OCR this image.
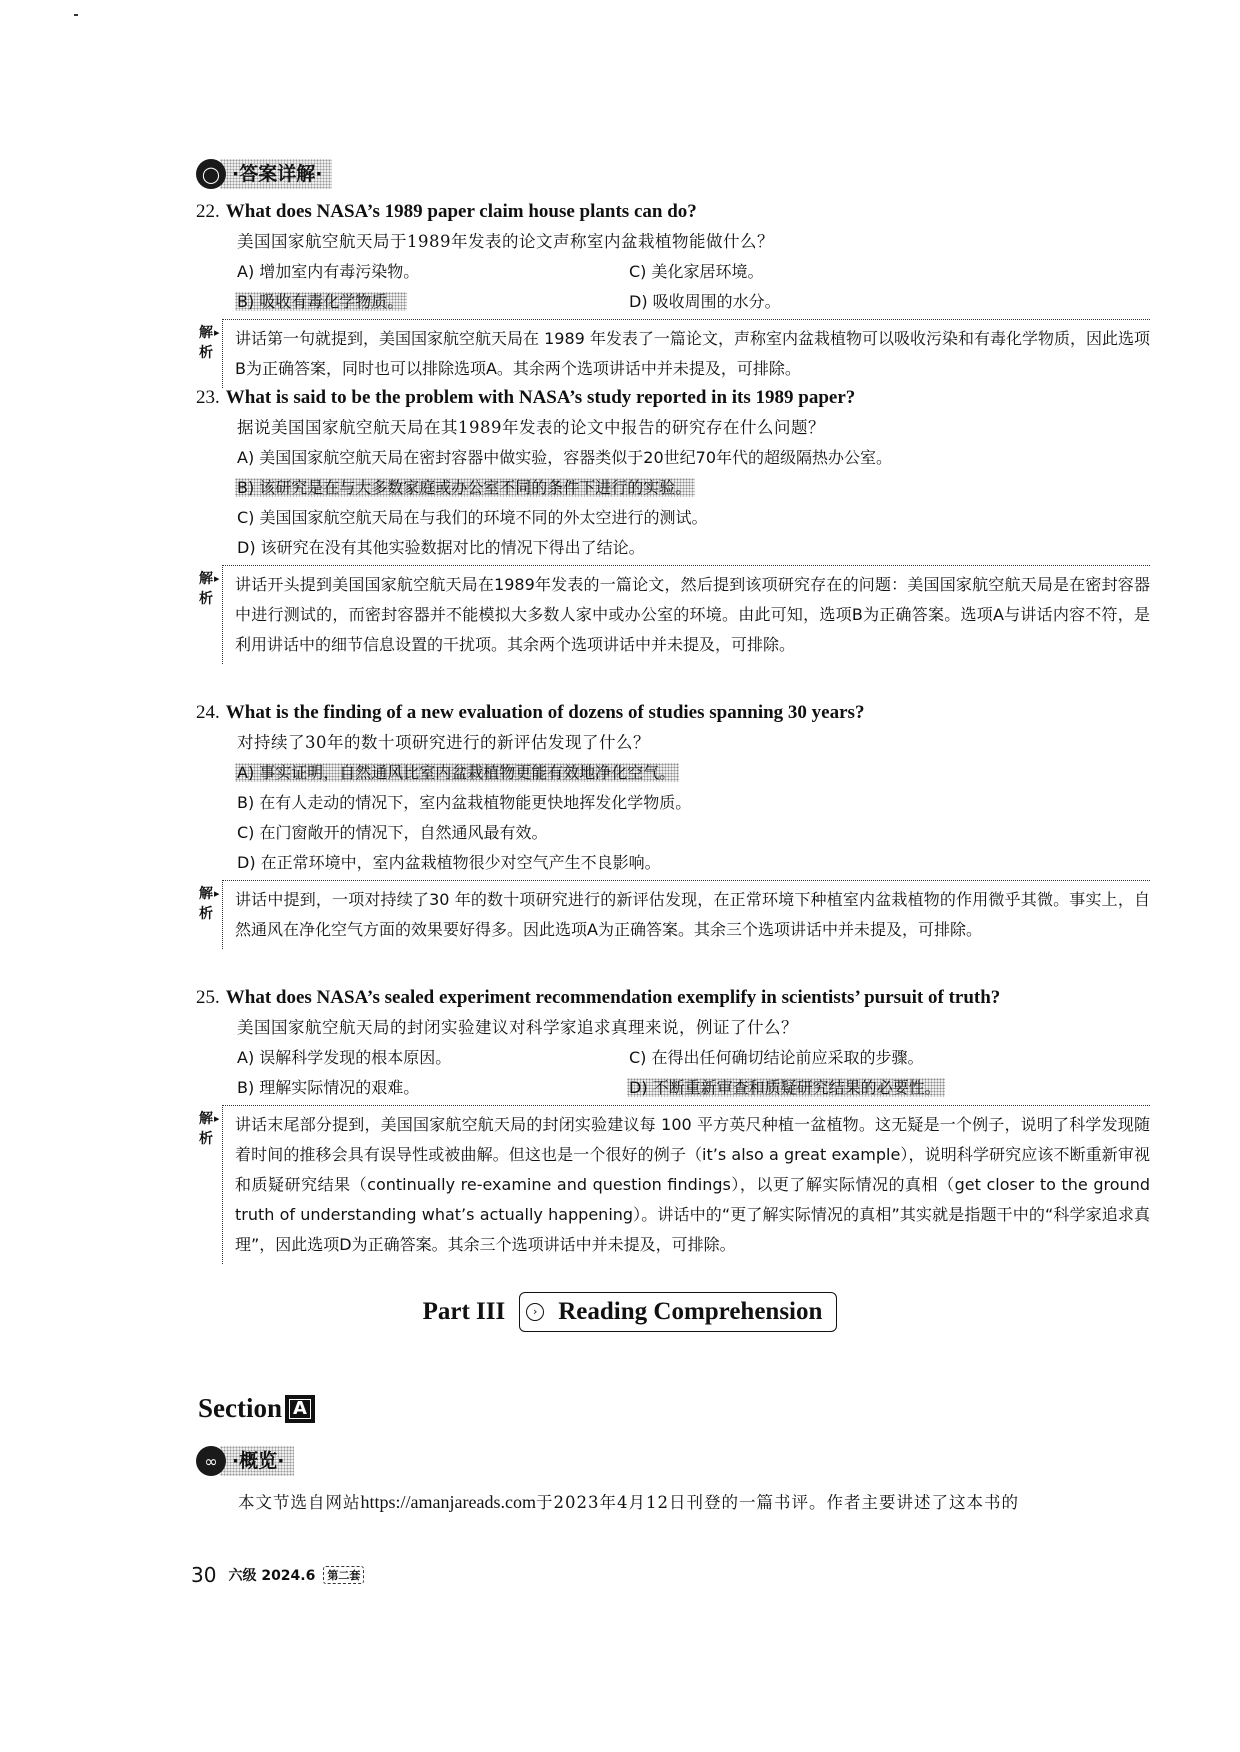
◯ ·答案详解·
22. What does NASA’s 1989 paper claim house plants can do?
美国国家航空航天局于1989年发表的论文声称室内盆栽植物能做什么？
A) 增加室内有毒污染物。	C) 美化家居环境。
B) 吸收有毒化学物质。	D) 吸收周围的水分。
解
析
▸ 讲话第一句就提到，美国国家航空航天局在 1989 年发表了一篇论文，声称室内盆栽植物可以吸收污染和有毒化学物质，因此选项B为正确答案，同时也可以排除选项A。其余两个选项讲话中并未提及，可排除。
23. What is said to be the problem with NASA’s study reported in its 1989 paper?
据说美国国家航空航天局在其1989年发表的论文中报告的研究存在什么问题？
A) 美国国家航空航天局在密封容器中做实验，容器类似于20世纪70年代的超级隔热办公室。
B) 该研究是在与大多数家庭或办公室不同的条件下进行的实验。
C) 美国国家航空航天局在与我们的环境不同的外太空进行的测试。
D) 该研究在没有其他实验数据对比的情况下得出了结论。
解
析
▸ 讲话开头提到美国国家航空航天局在1989年发表的一篇论文，然后提到该项研究存在的问题：美国国家航空航天局是在密封容器中进行测试的，而密封容器并不能模拟大多数人家中或办公室的环境。由此可知，选项B为正确答案。选项A与讲话内容不符，是利用讲话中的细节信息设置的干扰项。其余两个选项讲话中并未提及，可排除。
24. What is the finding of a new evaluation of dozens of studies spanning 30 years?
对持续了30年的数十项研究进行的新评估发现了什么？
A) 事实证明，自然通风比室内盆栽植物更能有效地净化空气。
B) 在有人走动的情况下，室内盆栽植物能更快地挥发化学物质。
C) 在门窗敞开的情况下，自然通风最有效。
D) 在正常环境中，室内盆栽植物很少对空气产生不良影响。
解
析
▸ 讲话中提到，一项对持续了30 年的数十项研究进行的新评估发现，在正常环境下种植室内盆栽植物的作用微乎其微。事实上，自然通风在净化空气方面的效果要好得多。因此选项A为正确答案。其余三个选项讲话中并未提及，可排除。
25. What does NASA’s sealed experiment recommendation exemplify in scientists’ pursuit of truth?
美国国家航空航天局的封闭实验建议对科学家追求真理来说，例证了什么？
A) 误解科学发现的根本原因。	C) 在得出任何确切结论前应采取的步骤。
B) 理解实际情况的艰难。	D) 不断重新审查和质疑研究结果的必要性。
解
析
▸ 讲话末尾部分提到，美国国家航空航天局的封闭实验建议每 100 平方英尺种植一盆植物。这无疑是一个例子，说明了科学发现随着时间的推移会具有误导性或被曲解。但这也是一个很好的例子（it’s also a great example），说明科学研究应该不断重新审视和质疑研究结果（continually re-examine and question findings），以更了解实际情况的真相（get closer to the ground truth of understanding what’s actually happening）。讲话中的“更了解实际情况的真相”其实就是指题干中的“科学家追求真理”，因此选项D为正确答案。其余三个选项讲话中并未提及，可排除。
Part III	› Reading Comprehension
Section A
∞ ·概览·
本文节选自网站https://amanjareads.com于2023年4月12日刊登的一篇书评。作者主要讲述了这本书的
30 六级 2024.6	第二套
